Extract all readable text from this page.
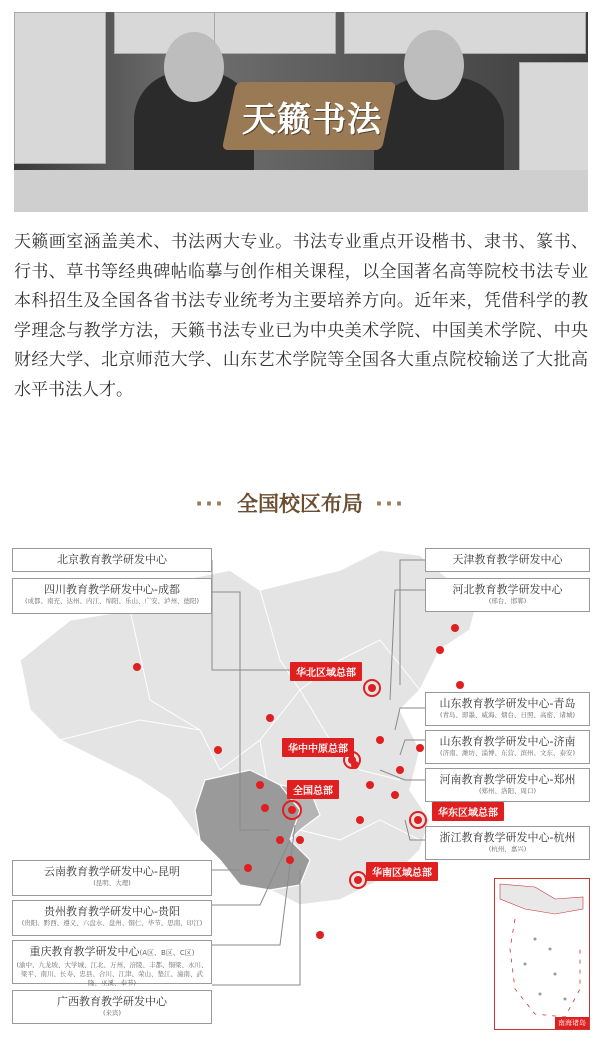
天籁书法

天籁画室涵盖美术、书法两大专业。书法专业重点开设楷书、隶书、篆书、行书、草书等经典碑帖临摹与创作相关课程，以全国著名高等院校书法专业本科招生及全国各省书法专业统考为主要培养方向。近年来，凭借科学的教学理念与教学方法，天籁书法专业已为中央美术学院、中国美术学院、中央财经大学、北京师范大学、山东艺术学院等全国各大重点院校输送了大批高水平书法人才。

··· 全国校区布局 ···
华北区域总部
华中中原总部
全国总部
华东区域总部
华南区域总部
北京教育教学研发中心
四川教育教学研发中心-成都
(成都、南充、达州、内江、绵阳、乐山、广安、泸州、德阳)
云南教育教学研发中心-昆明
(昆明、大理)
贵州教育教学研发中心-贵阳
(贵阳、黔西、遵义、六盘水、盘州、铜仁、毕节、思南、印江)
重庆教育教学研发中心(A区、B区、C区)
(渝中、九龙坡、大学城、江北、万州、涪陵、丰都、铜梁、永川、梁平、南川、长寿、忠县、合川、江津、荣山、垫江、潼南、武隆、巫溪、奉节)
广西教育教学研发中心
(来宾)
天津教育教学研发中心
河北教育教学研发中心
(邢台、邯郸)
山东教育教学研发中心-青岛
(青岛、即墨、威海、烟台、日照、高密、诸城)
山东教育教学研发中心-济南
(济南、潍坊、淄博、东营、滨州、文东、泰安)
河南教育教学研发中心-郑州
(郑州、洛阳、周口)
浙江教育教学研发中心-杭州
(杭州、嘉兴)
南海诸岛
